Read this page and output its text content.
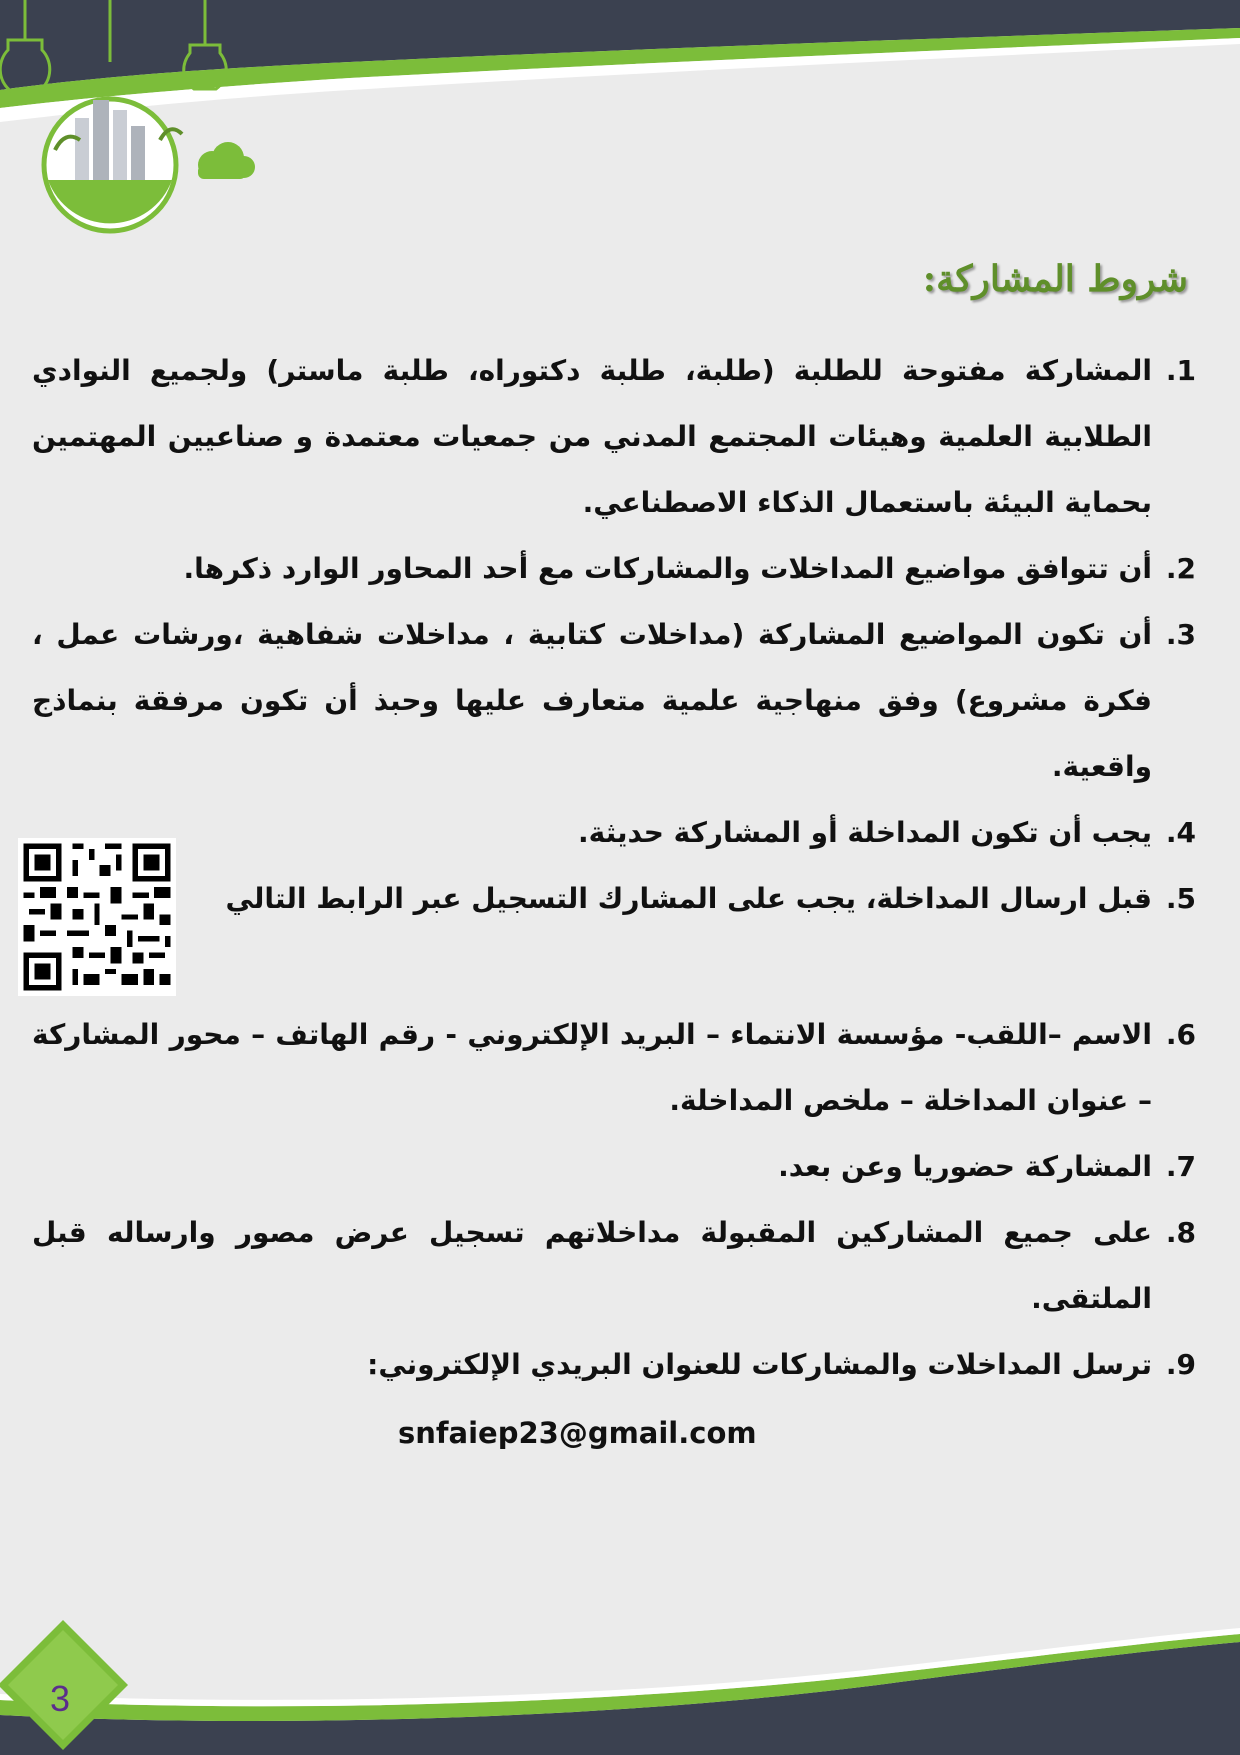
شروط المشاركة:

1.
المشاركة مفتوحة للطلبة (طلبة، طلبة دكتوراه، طلبة ماستر) ولجميع النوادي الطلابية العلمية وهيئات المجتمع المدني من جمعيات معتمدة و صناعيين المهتمين بحماية البيئة باستعمال الذكاء الاصطناعي.

2.
أن تتوافق مواضيع المداخلات والمشاركات مع أحد المحاور الوارد ذكرها.

3.
أن تكون المواضيع المشاركة (مداخلات كتابية ، مداخلات شفاهية ،ورشات عمل ، فكرة مشروع) وفق منهاجية علمية متعارف عليها وحبذ أن تكون مرفقة بنماذج واقعية.

4.
يجب أن تكون المداخلة أو المشاركة حديثة.

5.
قبل ارسال المداخلة، يجب على المشارك التسجيل عبر الرابط التالي

6.
الاسم –اللقب- مؤسسة الانتماء – البريد الإلكتروني - رقم الهاتف – محور المشاركة – عنوان المداخلة – ملخص المداخلة.

7.
المشاركة حضوريا وعن بعد.

8.
على جميع المشاركين المقبولة مداخلاتهم تسجيل عرض مصور وارساله قبل الملتقى.

9.
ترسل المداخلات والمشاركات للعنوان البريدي الإلكتروني:

snfaiep23@gmail.com
3
